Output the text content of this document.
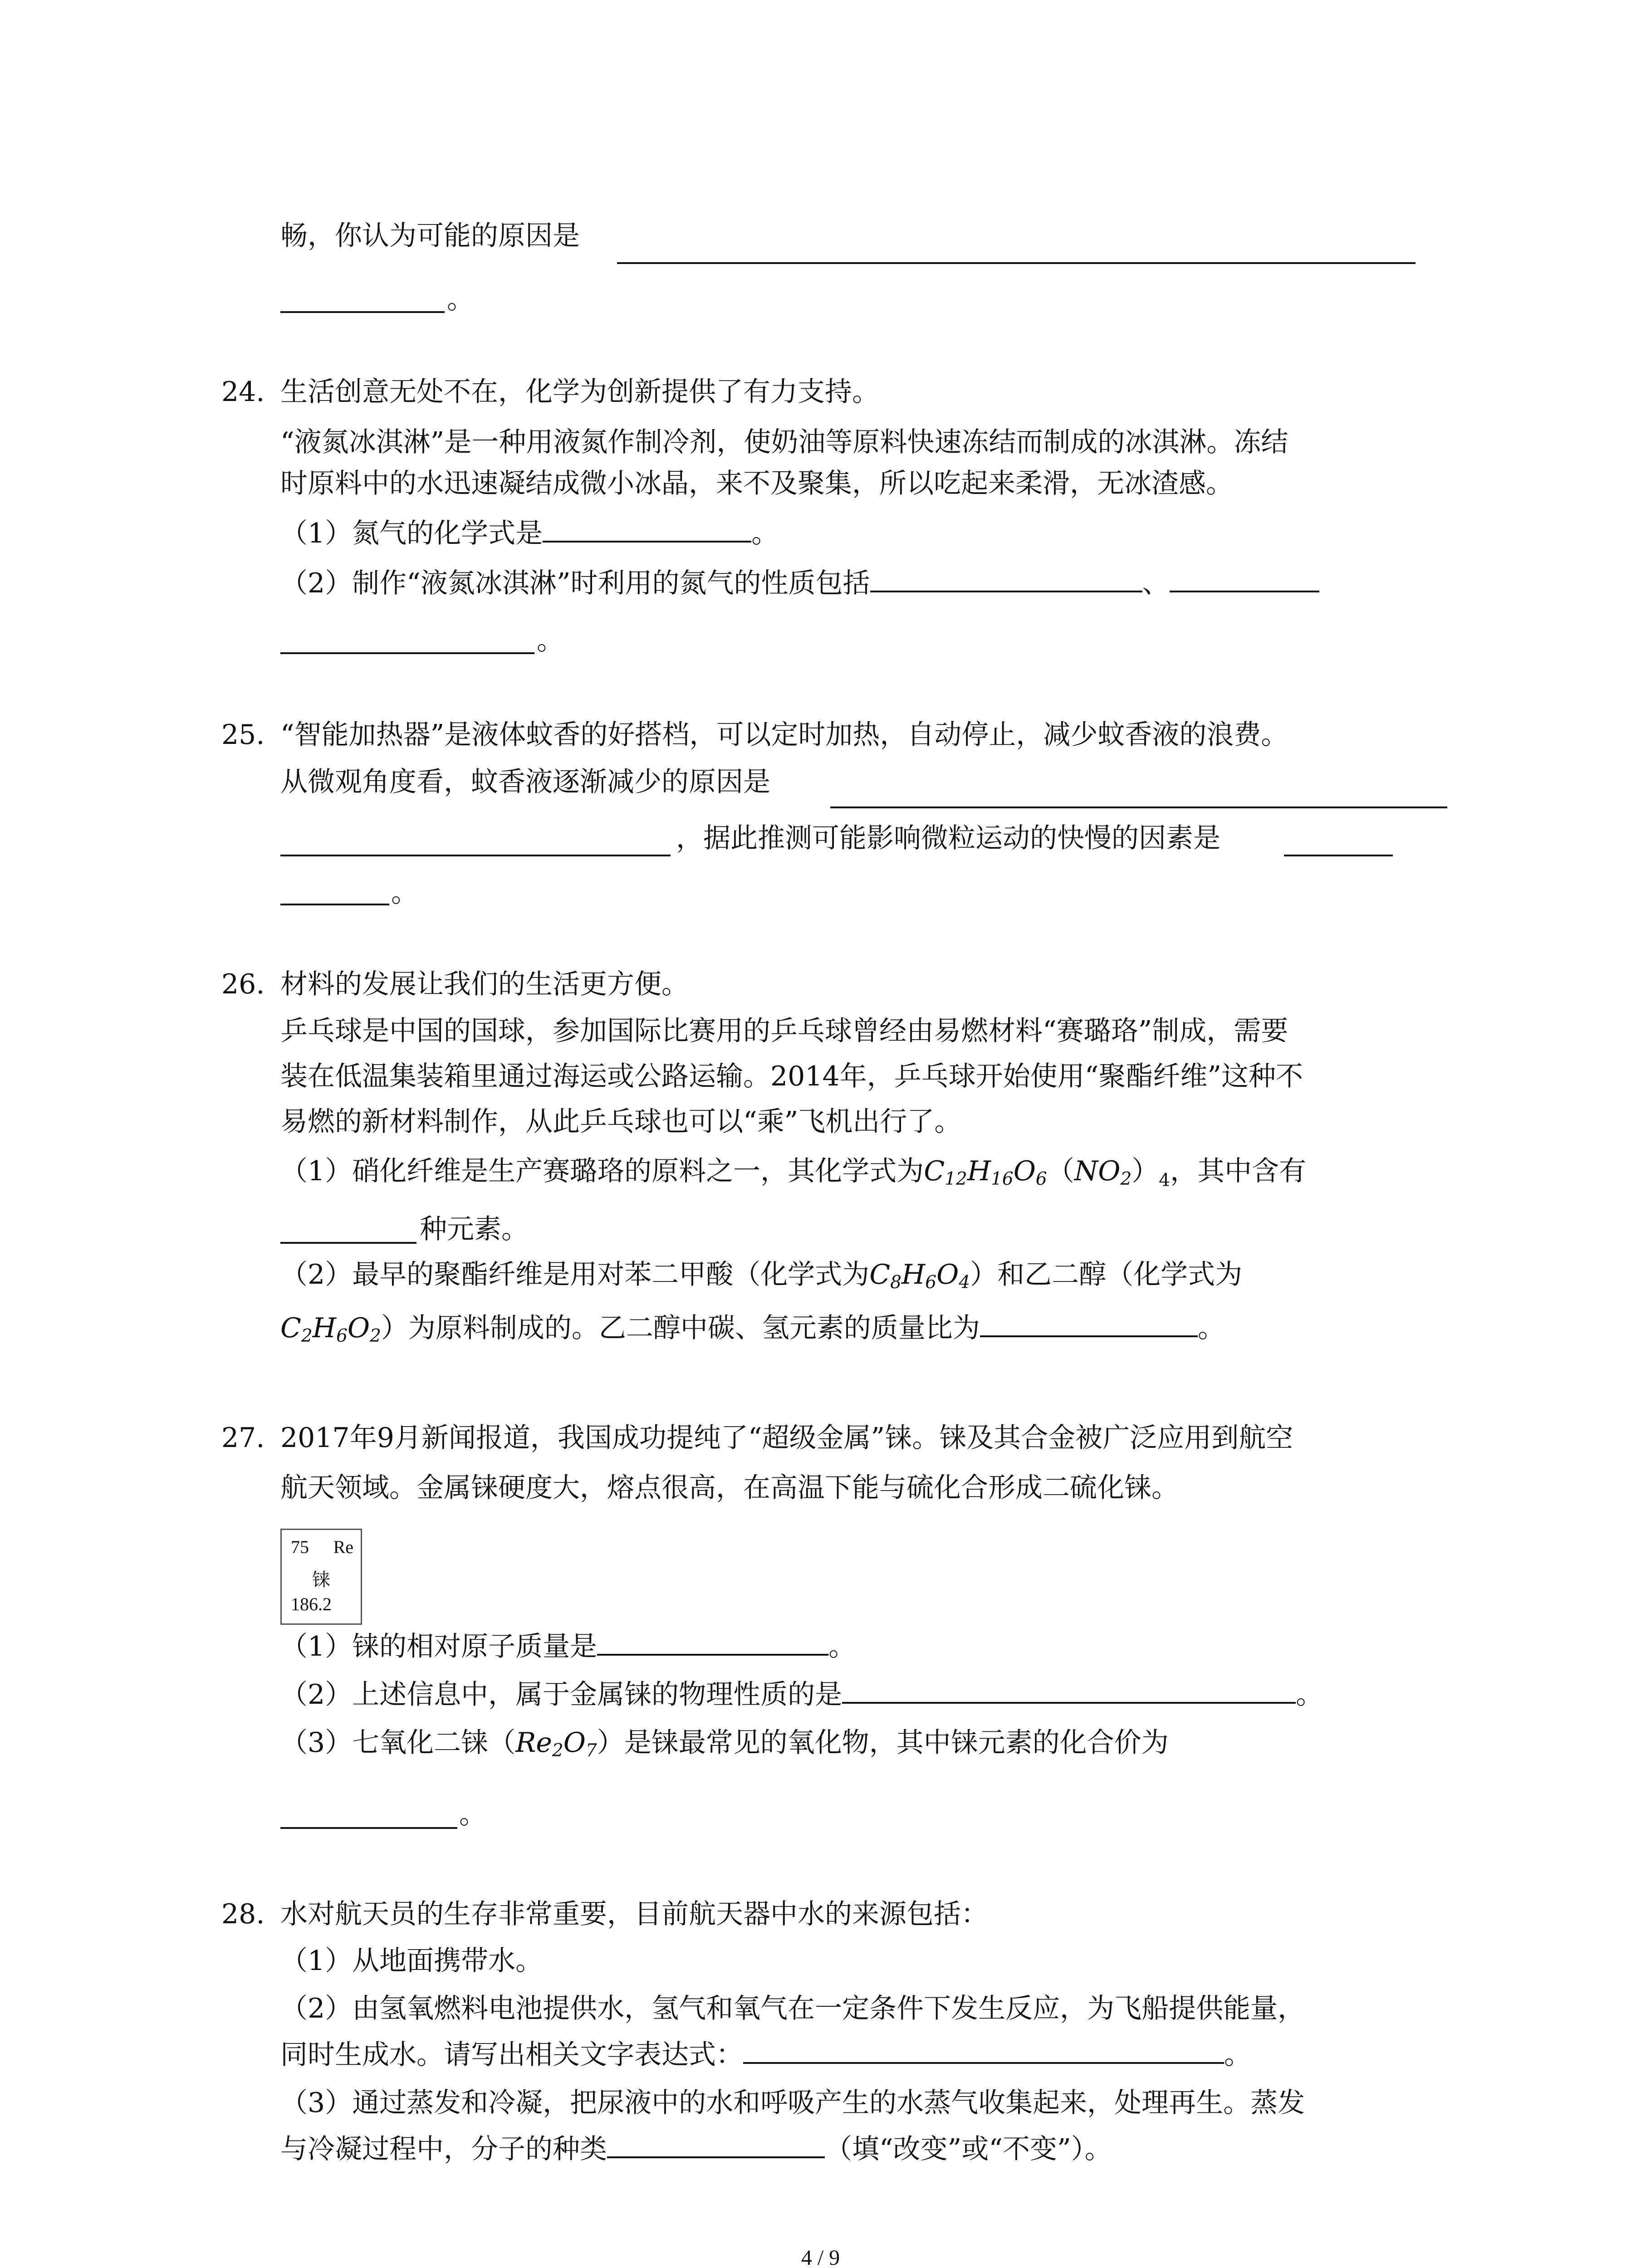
畅，你认为可能的原因是
。
24. 生活创意无处不在，化学为创新提供了有力支持。
“液氮冰淇淋”是一种用液氮作制冷剂，使奶油等原料快速冻结而制成的冰淇淋。冻结
时原料中的水迅速凝结成微小冰晶，来不及聚集，所以吃起来柔滑，无冰渣感。
（1）氮气的化学式是	。
（2）制作“液氮冰淇淋”时利用的氮气的性质包括	、
。
25. “智能加热器”是液体蚊香的好搭档，可以定时加热，自动停止，减少蚊香液的浪费。
从微观角度看，蚊香液逐渐减少的原因是
，据此推测可能影响微粒运动的快慢的因素是
。
26. 材料的发展让我们的生活更方便。
乒乓球是中国的国球，参加国际比赛用的乒乓球曾经由易燃材料“赛璐珞”制成，需要
装在低温集装箱里通过海运或公路运输。2014年，乒乓球开始使用“聚酯纤维”这种不
易燃的新材料制作，从此乒乓球也可以“乘”飞机出行了。
（1）硝化纤维是生产赛璐珞的原料之一，其化学式为$C_{12}H_{16}O_6(NO_2)_4$，其中含有
种元素。
（2）最早的聚酯纤维是用对苯二甲酸（化学式为$C_8H_6O_4$）和乙二醇（化学式为
$C_2H_6O_2$）为原料制成的。乙二醇中碳、氢元素的质量比为	。
27. 2017年9月新闻报道，我国成功提纯了“超级金属”铼。铼及其合金被广泛应用到航空
航天领域。金属铼硬度大，熔点很高，在高温下能与硫化合形成二硫化铼。
75 Re
铼
186.2
（1）铼的相对原子质量是	。
（2）上述信息中，属于金属铼的物理性质的是	。
（3）七氧化二铼$(Re_2O_7)$是铼最常见的氧化物，其中铼元素的化合价为
。
28. 水对航天员的生存非常重要，目前航天器中水的来源包括：
（1）从地面携带水。
（2）由氢氧燃料电池提供水，氢气和氧气在一定条件下发生反应，为飞船提供能量，
同时生成水。请写出相关文字表达式：	。
（3）通过蒸发和冷凝，把尿液中的水和呼吸产生的水蒸气收集起来，处理再生。蒸发
与冷凝过程中，分子的种类	（填“改变”或“不变”）。
4 / 9
